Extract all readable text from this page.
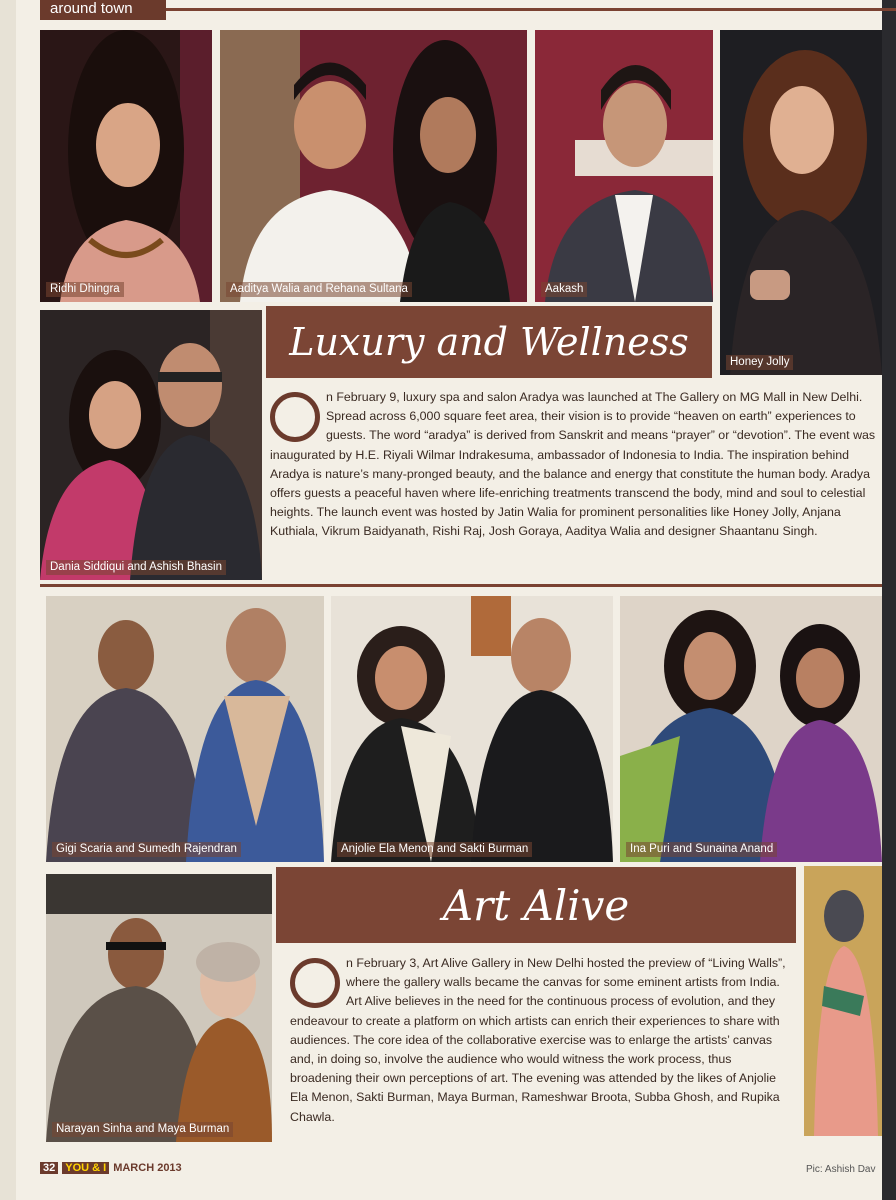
around town
Ridhi Dhingra	Aaditya Walia and Rehana Sultana	Aakash
Honey Jolly
Dania Siddiqui and Ashish Bhasin
Luxury and Wellness
n February 9, luxury spa and salon Aradya was launched at The Gallery on MG Mall in New Delhi. Spread across 6,000 square feet area, their vision is to provide “heaven on earth” experiences to guests. The word “aradya” is derived from Sanskrit and means “prayer” or “devotion”. The event was inaugurated by H.E. Riyali Wilmar Indrakesuma, ambassador of Indonesia to India. The inspiration behind Aradya is nature’s many-pronged beauty, and the balance and energy that constitute the human body. Aradya offers guests a peaceful haven where life-enriching treatments transcend the body, mind and soul to celestial heights. The launch event was hosted by Jatin Walia for prominent personalities like Honey Jolly, Anjana Kuthiala, Vikrum Baidyanath, Rishi Raj, Josh Goraya, Aaditya Walia and designer Shaantanu Singh.
Gigi Scaria and Sumedh Rajendran	Anjolie Ela Menon and Sakti Burman	Ina Puri and Sunaina Anand
Narayan Sinha and Maya Burman
Art Alive
n February 3, Art Alive Gallery in New Delhi hosted the preview of “Living Walls”, where the gallery walls became the canvas for some eminent artists from India. Art Alive believes in the need for the continuous process of evolution, and they endeavour to create a platform on which artists can enrich their experiences to share with audiences. The core idea of the collaborative exercise was to enlarge the artists’ canvas and, in doing so, involve the audience who would witness the work process, thus broadening their own perceptions of art. The evening was attended by the likes of Anjolie Ela Menon, Sakti Burman, Maya Burman, Rameshwar Broota, Subba Ghosh, and Rupika Chawla.
32 YOU & I MARCH 2013	Pic: Ashish Dav
